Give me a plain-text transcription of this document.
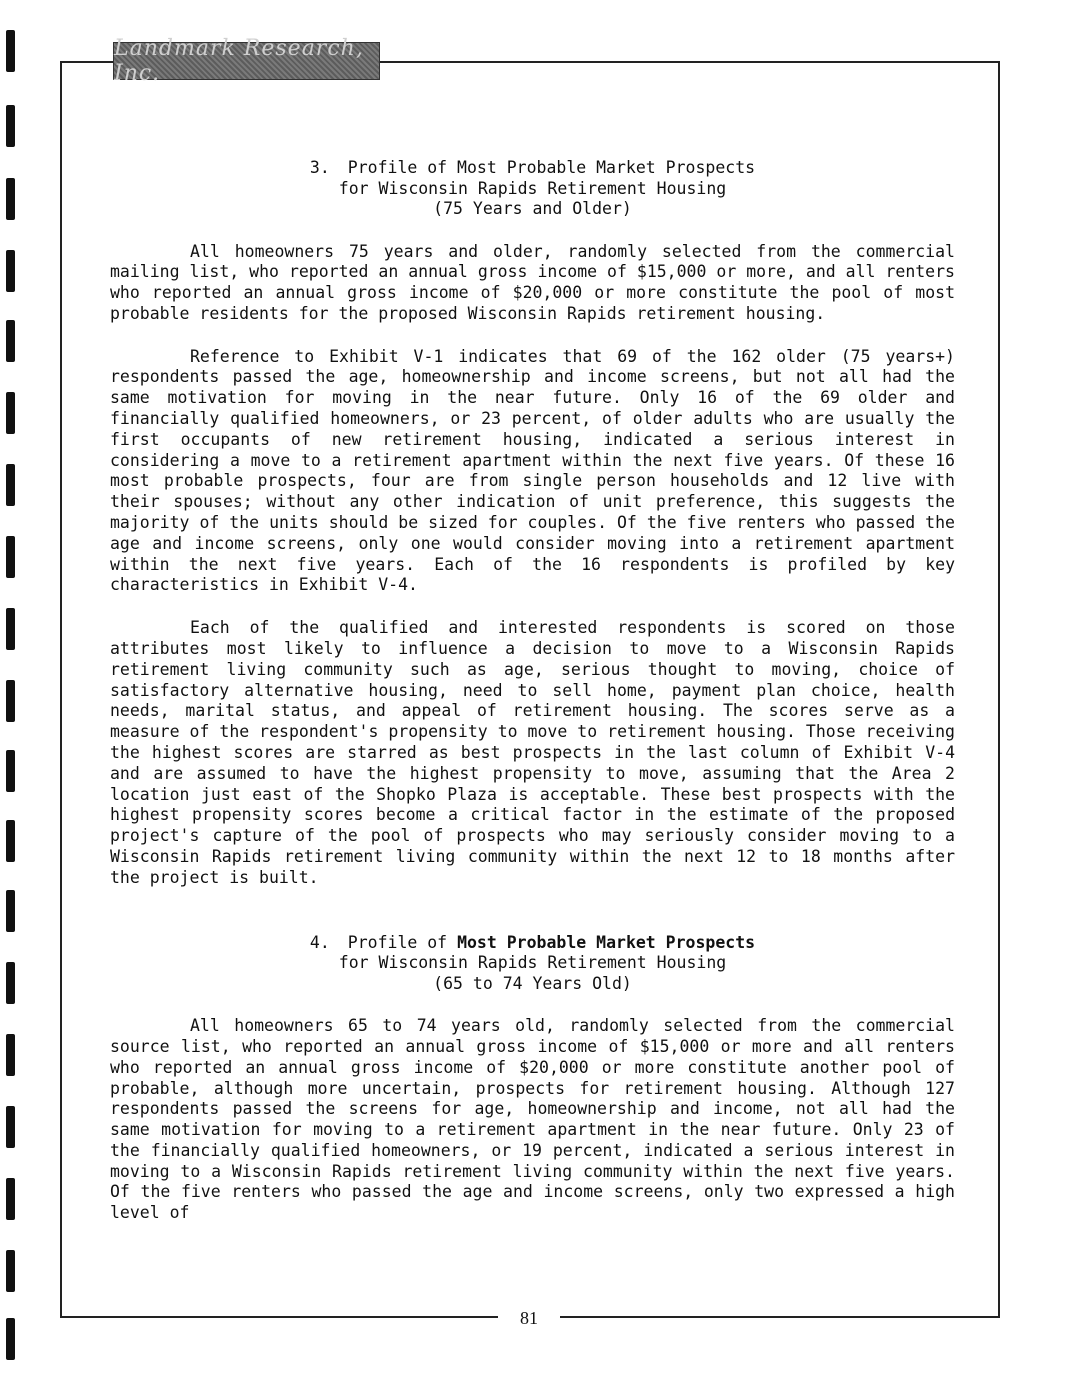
Landmark Research, Inc.
81
3. Profile of Most Probable Market Prospects
for Wisconsin Rapids Retirement Housing
(75 Years and Older)

All homeowners 75 years and older, randomly selected from the commercial mailing list, who reported an annual gross income of $15,000 or more, and all renters who reported an annual gross income of $20,000 or more constitute the pool of most probable residents for the proposed Wisconsin Rapids retirement housing.

Reference to Exhibit V-1 indicates that 69 of the 162 older (75 years+) respondents passed the age, homeownership and income screens, but not all had the same motivation for moving in the near future. Only 16 of the 69 older and financially qualified homeowners, or 23 percent, of older adults who are usually the first occupants of new retirement housing, indicated a serious interest in considering a move to a retirement apartment within the next five years. Of these 16 most probable prospects, four are from single person households and 12 live with their spouses; without any other indication of unit preference, this suggests the majority of the units should be sized for couples. Of the five renters who passed the age and income screens, only one would consider moving into a retirement apartment within the next five years. Each of the 16 respondents is profiled by key characteristics in Exhibit V-4.

Each of the qualified and interested respondents is scored on those attributes most likely to influence a decision to move to a Wisconsin Rapids retirement living community such as age, serious thought to moving, choice of satisfactory alternative housing, need to sell home, payment plan choice, health needs, marital status, and appeal of retirement housing. The scores serve as a measure of the respondent's propensity to move to retirement housing. Those receiving the highest scores are starred as best prospects in the last column of Exhibit V-4 and are assumed to have the highest propensity to move, assuming that the Area 2 location just east of the Shopko Plaza is acceptable. These best prospects with the highest propensity scores become a critical factor in the estimate of the proposed project's capture of the pool of prospects who may seriously consider moving to a Wisconsin Rapids retirement living community within the next 12 to 18 months after the project is built.

4. Profile of Most Probable Market Prospects
for Wisconsin Rapids Retirement Housing
(65 to 74 Years Old)

All homeowners 65 to 74 years old, randomly selected from the commercial source list, who reported an annual gross income of $15,000 or more and all renters who reported an annual gross income of $20,000 or more constitute another pool of probable, although more uncertain, prospects for retirement housing. Although 127 respondents passed the screens for age, homeownership and income, not all had the same motivation for moving to a retirement apartment in the near future. Only 23 of the financially qualified homeowners, or 19 percent, indicated a serious interest in moving to a Wisconsin Rapids retirement living community within the next five years. Of the five renters who passed the age and income screens, only two expressed a high level of
